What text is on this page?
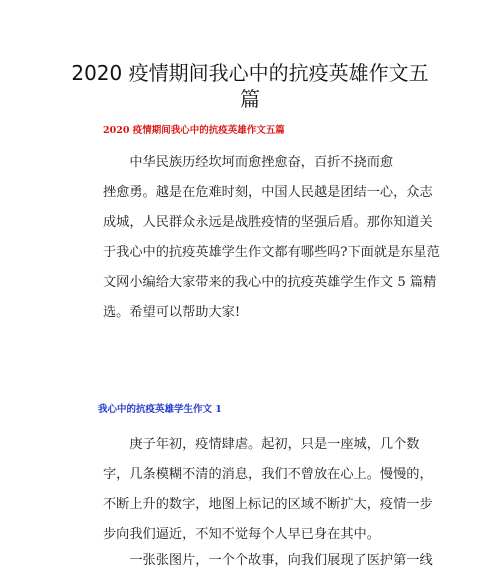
2020 疫情期间我心中的抗疫英雄作文五
篇
2020 疫情期间我心中的抗疫英雄作文五篇
　　中华民族历经坎坷而愈挫愈奋，百折不挠而愈
挫愈勇。越是在危难时刻，中国人民越是团结一心，众志
成城，人民群众永远是战胜疫情的坚强后盾。那你知道关
于我心中的抗疫英雄学生作文都有哪些吗?下面就是东星范
文网小编给大家带来的我心中的抗疫英雄学生作文 5 篇精
选。希望可以帮助大家!
我心中的抗疫英雄学生作文 1
　　庚子年初，疫情肆虐。起初，只是一座城，几个数
字，几条模糊不清的消息，我们不曾放在心上。慢慢的，
不断上升的数字，地图上标记的区域不断扩大，疫情一步
步向我们逼近，不知不觉每个人早已身在其中。
　　一张张图片，一个个故事，向我们展现了医护第一线
